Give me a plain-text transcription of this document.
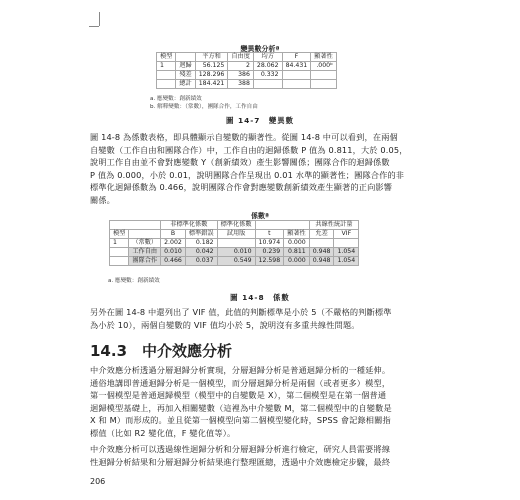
變異數分析ª
模型		平方和	自由度	均方	F	顯著性
1	迴歸	56.125	2	28.062	84.431	.000ᵇ
	殘差	128.296	386	0.332		
	總計	184.421	388			
a. 應變數：創新績效
b. 解釋變數：（常數），團隊合作，工作自由
圖 14-7　變異數
圖 14-8 為係數表格，即具體顯示自變數的顯著性。從圖 14-8 中可以看到，在兩個
自變數（工作自由和團隊合作）中，工作自由的迴歸係數 P 值為 0.811，大於 0.05，
說明工作自由並不會對應變數 Y（創新績效）產生影響關係；團隊合作的迴歸係數
P 值為 0.000，小於 0.01，說明團隊合作呈現出 0.01 水準的顯著性；團隊合作的非
標準化迴歸係數為 0.466，說明團隊合作會對應變數創新績效產生顯著的正向影響
關係。
係數ª
		非標準化係數		標準化係數			共線性統計量	
模型		B	標準錯誤	試用版	t	顯著性	允差	VIF
1	（常數）	2.002	0.182		10.974	0.000		
	工作自由	0.010	0.042	0.010	0.239	0.811	0.948	1.054
	團隊合作	0.466	0.037	0.549	12.598	0.000	0.948	1.054
a. 應變數：創新績效
圖 14-8　係數
另外在圖 14-8 中還列出了 VIF 值，此值的判斷標準是小於 5（不嚴格的判斷標準
為小於 10），兩個自變數的 VIF 值均小於 5，說明沒有多重共線性問題。
14.3　中介效應分析
中介效應分析透過分層迴歸分析實現，分層迴歸分析是普通迴歸分析的一種延伸。
通俗地講即普通迴歸分析是一個模型，而分層迴歸分析是兩個（或者更多）模型，
第一個模型是普通迴歸模型（模型中的自變數是 X），第二個模型是在第一個普通
迴歸模型基礎上，再加入相關變數（這裡為中介變數 M，第二個模型中的自變數是
X 和 M）而形成的。並且從第一個模型向第二個模型變化時，SPSS 會記錄相關指
標值（比如 R2 變化值，F 變化值等）。
中介效應分析可以透過線性迴歸分析和分層迴歸分析進行檢定，研究人員需要將線
性迴歸分析結果和分層迴歸分析結果進行整理匯總，透過中介效應檢定步驟，最終
206
